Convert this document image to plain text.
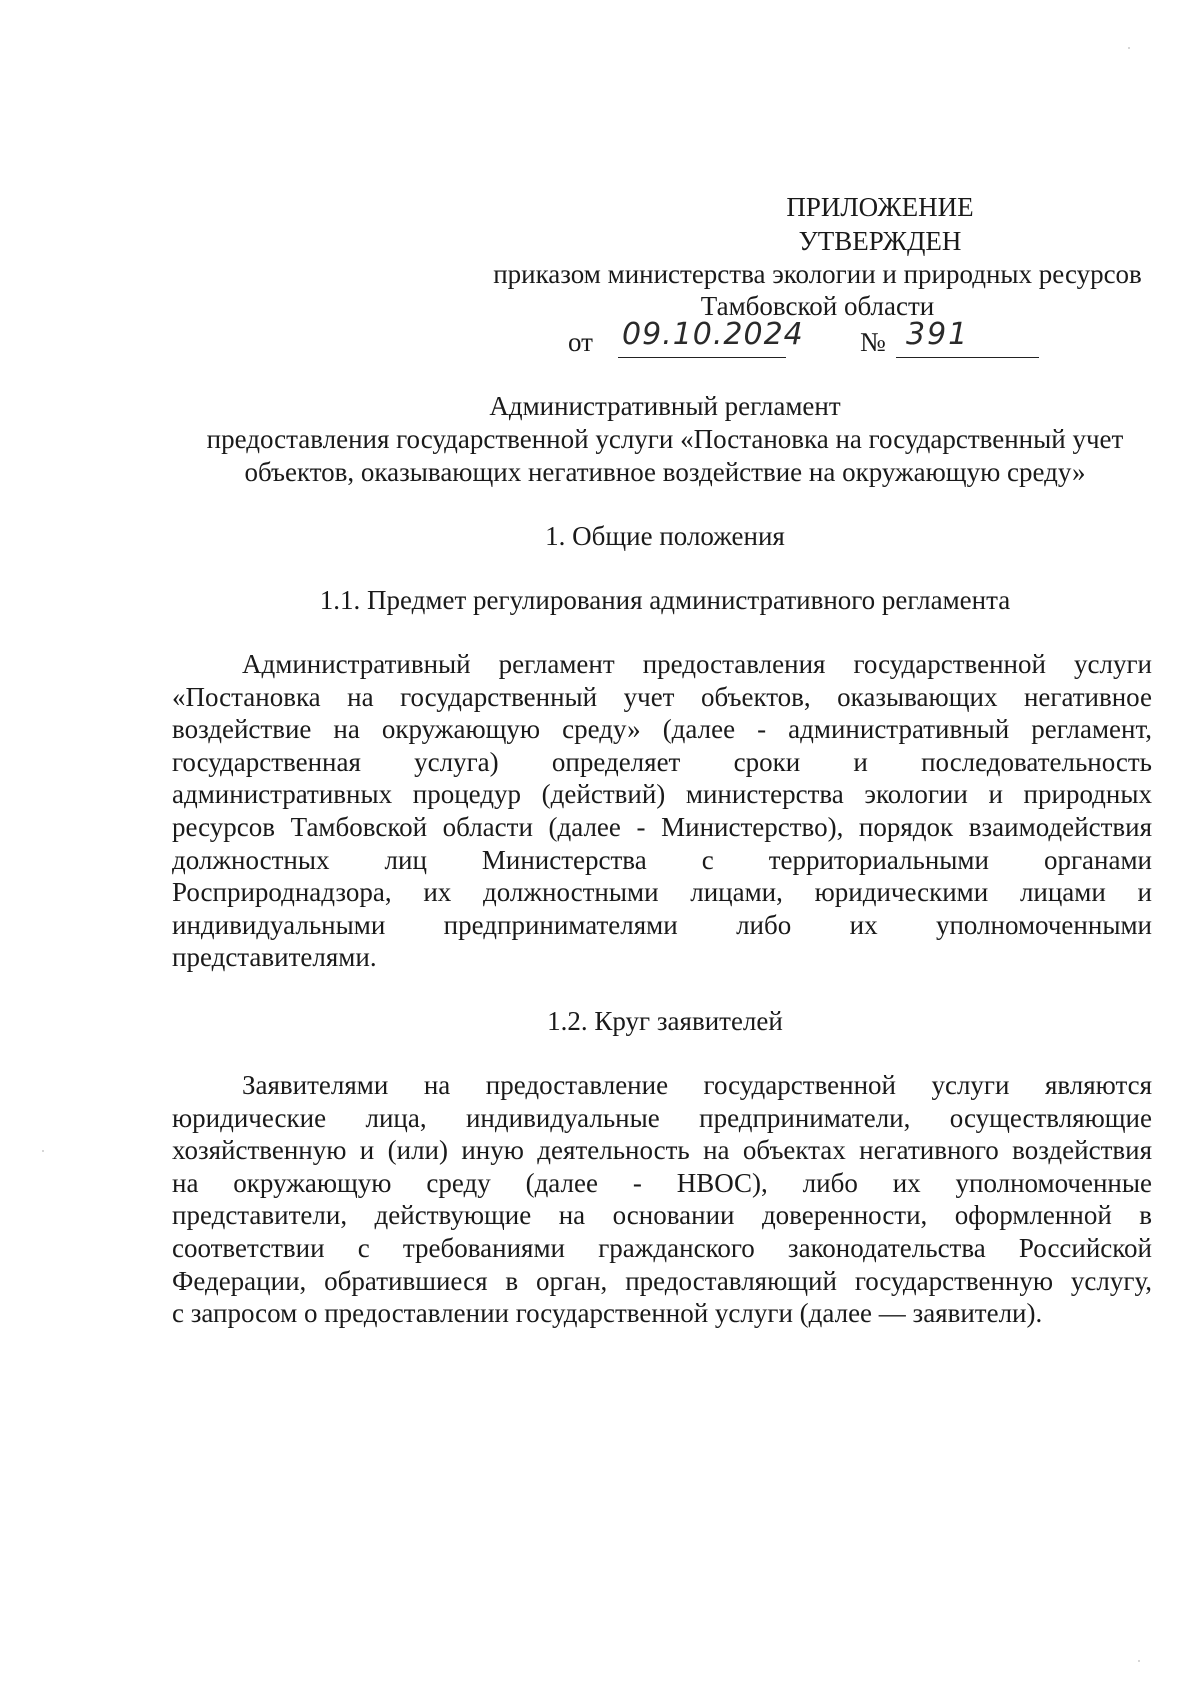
ПРИЛОЖЕНИЕ
УТВЕРЖДЕН
приказом министерства экологии и природных ресурсов
Тамбовской области
от 09.10.2024 № 391
Административный регламент
предоставления государственной услуги «Постановка на государственный учет
объектов, оказывающих негативное воздействие на окружающую среду»
1. Общие положения
1.1. Предмет регулирования административного регламента
Административный регламент предоставления государственной услуги
«Постановка на государственный учет объектов, оказывающих негативное
воздействие на окружающую среду» (далее - административный регламент,
государственная услуга) определяет сроки и последовательность
административных процедур (действий) министерства экологии и природных
ресурсов Тамбовской области (далее - Министерство), порядок взаимодействия
должностных лиц Министерства с территориальными органами
Росприроднадзора, их должностными лицами, юридическими лицами и
индивидуальными предпринимателями либо их уполномоченными
представителями.
1.2. Круг заявителей
Заявителями на предоставление государственной услуги являются
юридические лица, индивидуальные предприниматели, осуществляющие
хозяйственную и (или) иную деятельность на объектах негативного воздействия
на окружающую среду (далее - НВОС), либо их уполномоченные
представители, действующие на основании доверенности, оформленной в
соответствии с требованиями гражданского законодательства Российской
Федерации, обратившиеся в орган, предоставляющий государственную услугу,
с запросом о предоставлении государственной услуги (далее — заявители).
